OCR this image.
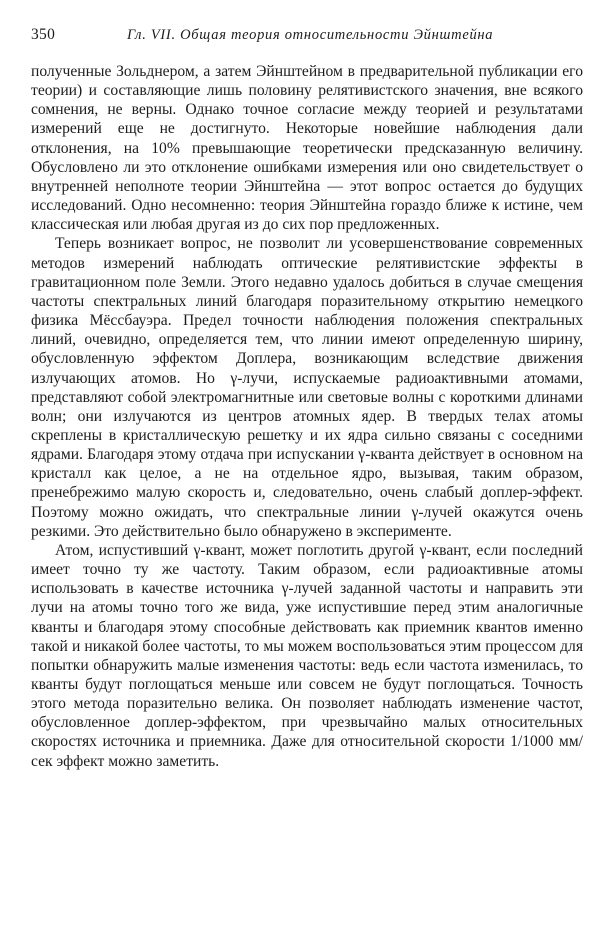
350	Гл. VII. Общая теория относительности Эйнштейна

полученные Зольднером, а затем Эйнштейном в предварительной публикации его теории) и составляющие лишь половину релятивистского значения, вне всякого сомнения, не верны. Однако точное согласие между теорией и результатами измерений еще не достигнуто. Некоторые новейшие наблюдения дали отклонения, на 10% превышающие теоретически предсказанную величину. Обусловлено ли это отклонение ошибками измерения или оно свидетельствует о внутренней неполноте теории Эйнштейна — этот вопрос остается до будущих исследований. Одно несомненно: теория Эйнштейна гораздо ближе к истине, чем классическая или любая другая из до сих пор предложенных.

Теперь возникает вопрос, не позволит ли усовершенствование современных методов измерений наблюдать оптические релятивистские эффекты в гравитационном поле Земли. Этого недавно удалось добиться в случае смещения частоты спектральных линий благодаря поразительному открытию немецкого физика Мёссбауэра. Предел точности наблюдения положения спектральных линий, очевидно, определяется тем, что линии имеют определенную ширину, обусловленную эффектом Доплера, возникающим вследствие движения излучающих атомов. Но γ-лучи, испускаемые радиоактивными атомами, представляют собой электромагнитные или световые волны с короткими длинами волн; они излучаются из центров атомных ядер. В твердых телах атомы скреплены в кристаллическую решетку и их ядра сильно связаны с соседними ядрами. Благодаря этому отдача при испускании γ-кванта действует в основном на кристалл как целое, а не на отдельное ядро, вызывая, таким образом, пренебрежимо малую скорость и, следовательно, очень слабый доплер-эффект. Поэтому можно ожидать, что спектральные линии γ-лучей окажутся очень резкими. Это действительно было обнаружено в эксперименте.

Атом, испустивший γ-квант, может поглотить другой γ-квант, если последний имеет точно ту же частоту. Таким образом, если радиоактивные атомы использовать в качестве источника γ-лучей заданной частоты и направить эти лучи на атомы точно того же вида, уже испустившие перед этим аналогичные кванты и благодаря этому способные действовать как приемник квантов именно такой и никакой более частоты, то мы можем воспользоваться этим процессом для попытки обнаружить малые изменения частоты: ведь если частота изменилась, то кванты будут поглощаться меньше или совсем не будут поглощаться. Точность этого метода поразительно велика. Он позволяет наблюдать изменение частот, обусловленное доплер-эффектом, при чрезвычайно малых относительных скоростях источника и приемника. Даже для относительной скорости 1/1000 мм/сек эффект можно заметить.
